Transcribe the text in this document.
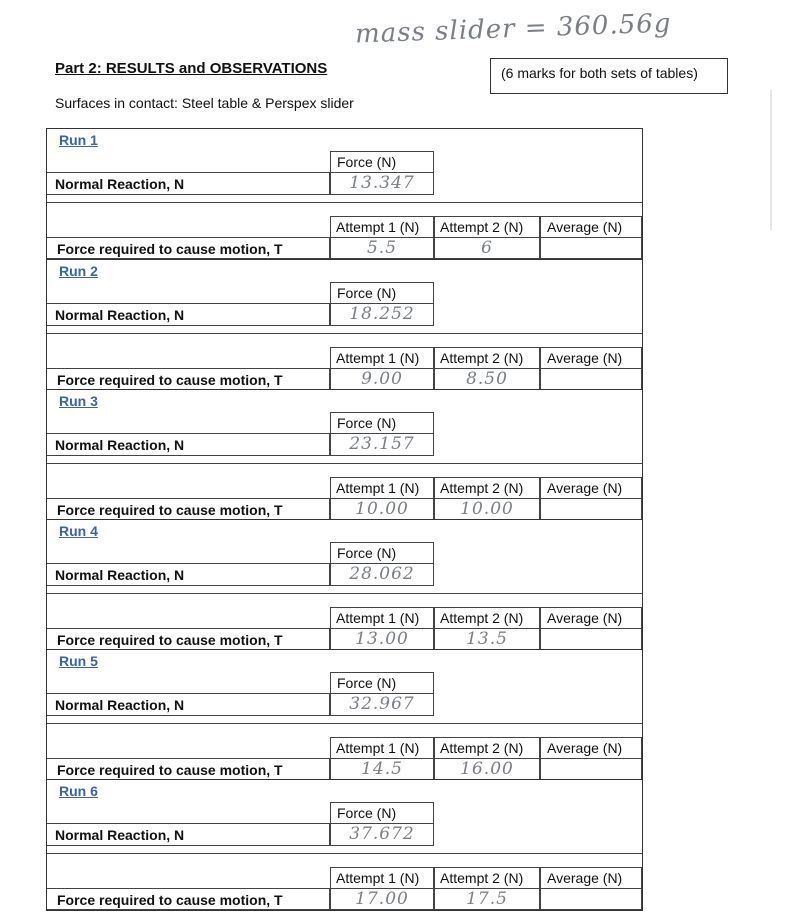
mass slider = 360.56g
Part 2: RESULTS and OBSERVATIONS	(6 marks for both sets of tables)
Surfaces in contact: Steel table & Perspex slider
Run 1
Force (N)
Normal Reaction, N	13.347
Attempt 1 (N)	Attempt 2 (N)	Average (N)
Force required to cause motion, T	5.5	6
Run 2
Force (N)
Normal Reaction, N	18.252
Attempt 1 (N)	Attempt 2 (N)	Average (N)
Force required to cause motion, T	9.00	8.50
Run 3
Force (N)
Normal Reaction, N	23.157
Attempt 1 (N)	Attempt 2 (N)	Average (N)
Force required to cause motion, T	10.00	10.00
Run 4
Force (N)
Normal Reaction, N	28.062
Attempt 1 (N)	Attempt 2 (N)	Average (N)
Force required to cause motion, T	13.00	13.5
Run 5
Force (N)
Normal Reaction, N	32.967
Attempt 1 (N)	Attempt 2 (N)	Average (N)
Force required to cause motion, T	14.5	16.00
Run 6
Force (N)
Normal Reaction, N	37.672
Attempt 1 (N)	Attempt 2 (N)	Average (N)
Force required to cause motion, T	17.00	17.5
